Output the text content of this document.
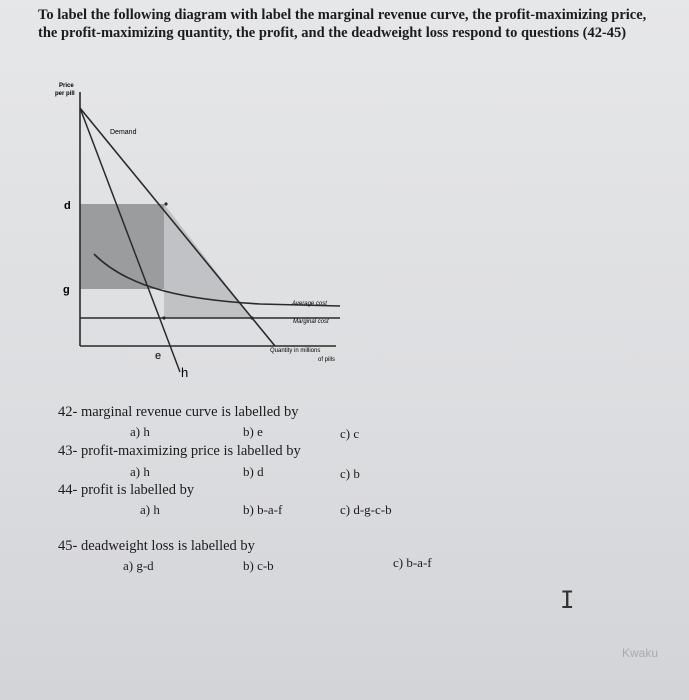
To label the following diagram with label the marginal revenue curve, the profit-maximizing price,
the profit-maximizing quantity, the profit, and the deadweight loss respond to questions (42-45)
Price
per pill
Demand
Average cost
Marginal cost
Quantity in millions
of pills
d
g
e
h
42- marginal revenue curve is labelled by
a) h	b) e	c) c
43- profit-maximizing price is labelled by
a) h	b) d	c) b
44- profit is labelled by
a) h	b) b-a-f	c) d-g-c-b
45- deadweight loss is labelled by
a) g-d	b) c-b	c) b-a-f
I
Kwaku
